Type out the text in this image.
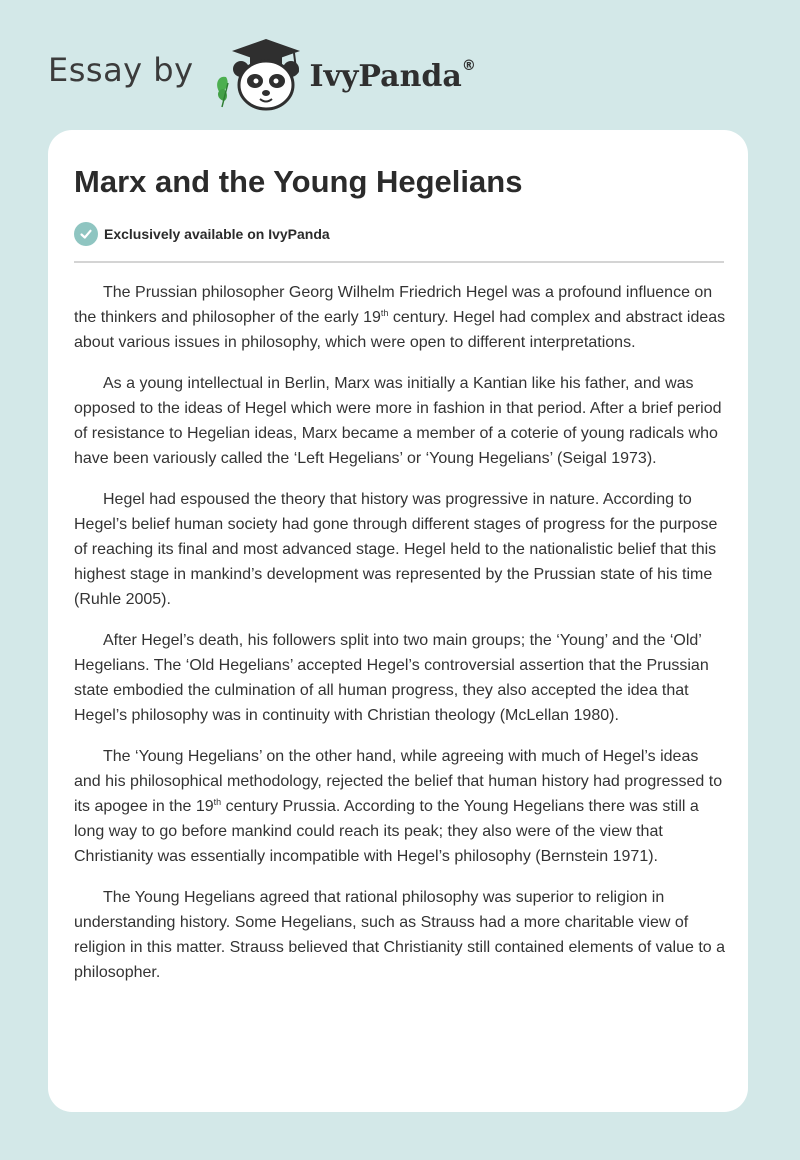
Essay by	IvyPanda®
Marx and the Young Hegelians
Exclusively available on IvyPanda

The Prussian philosopher Georg Wilhelm Friedrich Hegel was a profound influence on the thinkers and philosopher of the early 19th century. Hegel had complex and abstract ideas about various issues in philosophy, which were open to different interpretations.

As a young intellectual in Berlin, Marx was initially a Kantian like his father, and was opposed to the ideas of Hegel which were more in fashion in that period. After a brief period of resistance to Hegelian ideas, Marx became a member of a coterie of young radicals who have been variously called the ‘Left Hegelians’ or ‘Young Hegelians’ (Seigal 1973).

Hegel had espoused the theory that history was progressive in nature. According to Hegel’s belief human society had gone through different stages of progress for the purpose of reaching its final and most advanced stage. Hegel held to the nationalistic belief that this highest stage in mankind’s development was represented by the Prussian state of his time (Ruhle 2005).

After Hegel’s death, his followers split into two main groups; the ‘Young’ and the ‘Old’ Hegelians. The ‘Old Hegelians’ accepted Hegel’s controversial assertion that the Prussian state embodied the culmination of all human progress, they also accepted the idea that Hegel’s philosophy was in continuity with Christian theology (McLellan 1980).

The ‘Young Hegelians’ on the other hand, while agreeing with much of Hegel’s ideas and his philosophical methodology, rejected the belief that human history had progressed to its apogee in the 19th century Prussia. According to the Young Hegelians there was still a long way to go before mankind could reach its peak; they also were of the view that Christianity was essentially incompatible with Hegel’s philosophy (Bernstein 1971).

The Young Hegelians agreed that rational philosophy was superior to religion in understanding history. Some Hegelians, such as Strauss had a more charitable view of religion in this matter. Strauss believed that Christianity still contained elements of value to a philosopher.
